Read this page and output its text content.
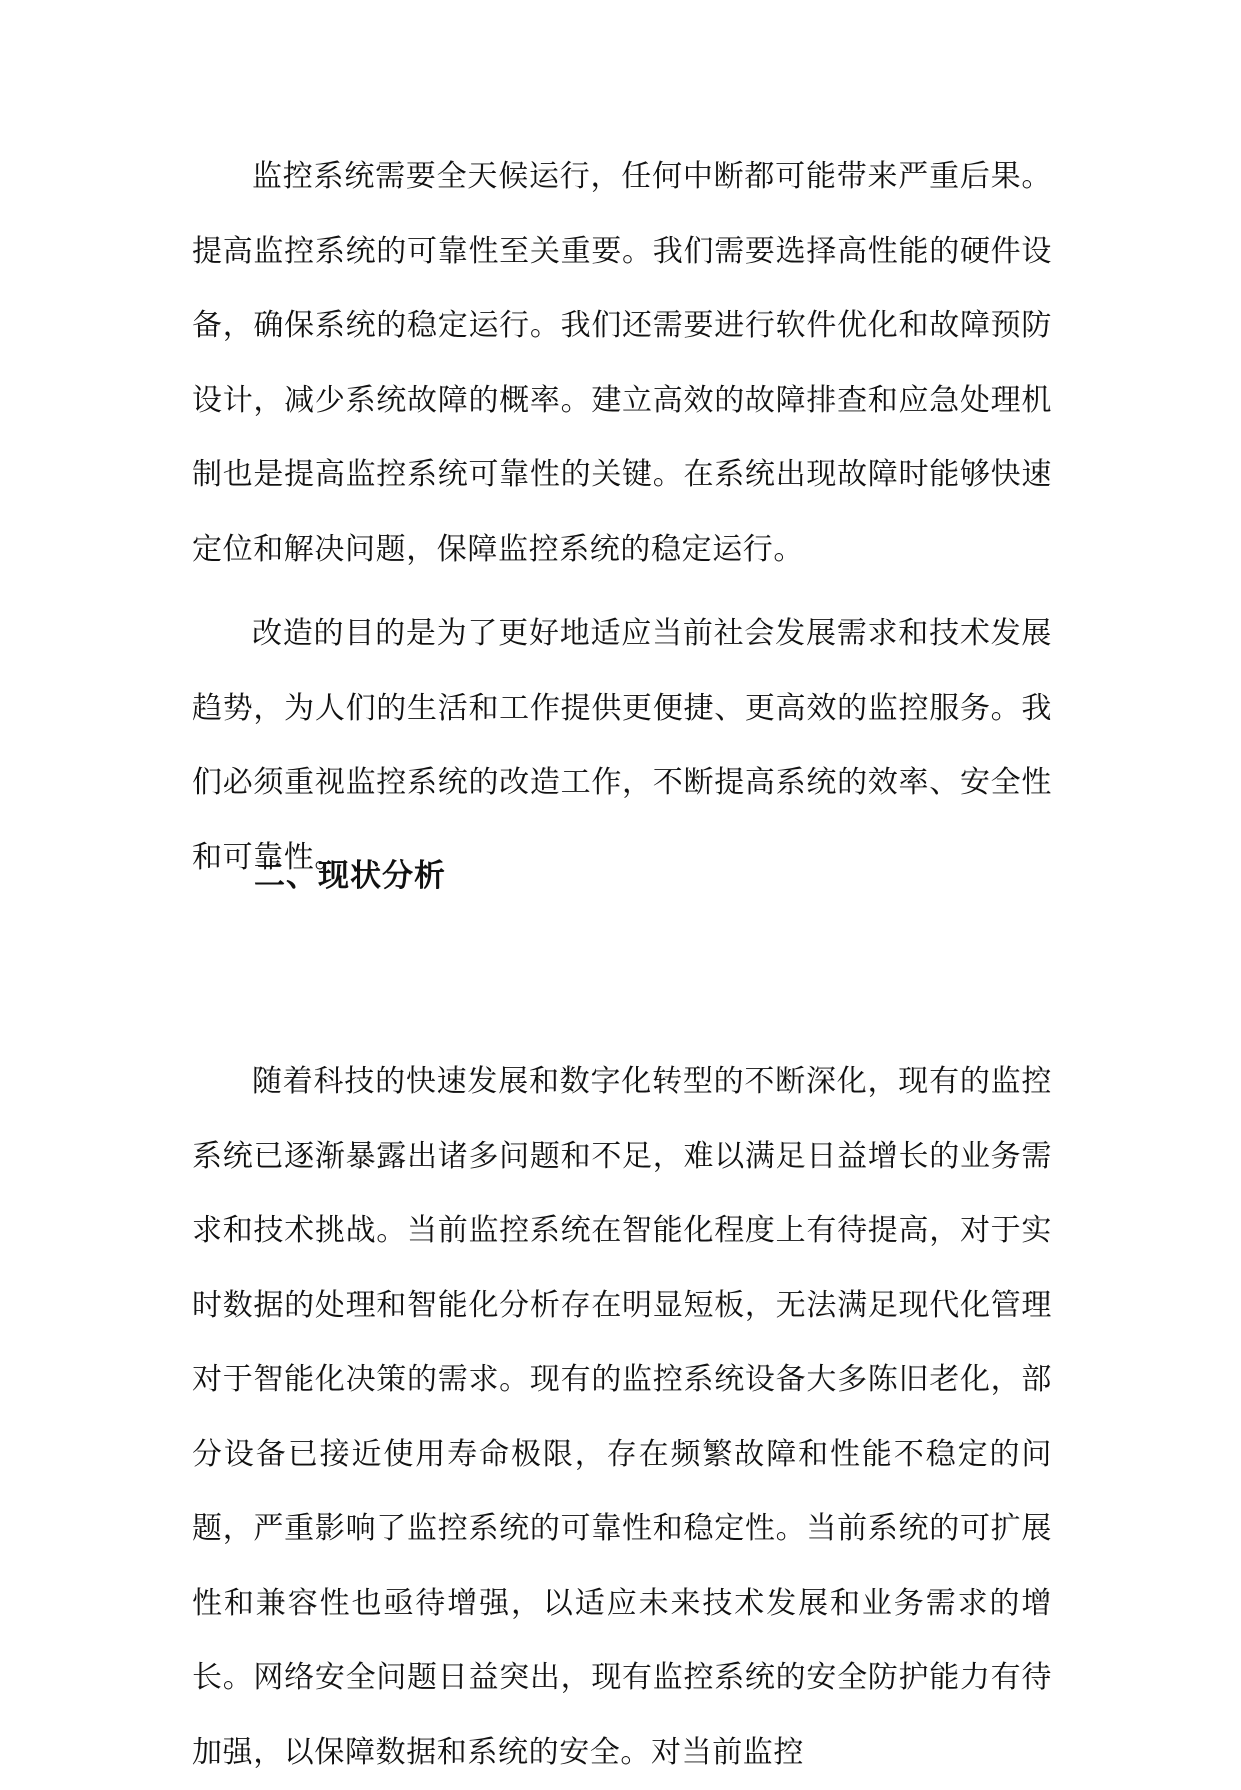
监控系统需要全天候运行，任何中断都可能带来严重后果。提高监控系统的可靠性至关重要。我们需要选择高性能的硬件设备，确保系统的稳定运行。我们还需要进行软件优化和故障预防设计，减少系统故障的概率。建立高效的故障排查和应急处理机制也是提高监控系统可靠性的关键。在系统出现故障时能够快速定位和解决问题，保障监控系统的稳定运行。

改造的目的是为了更好地适应当前社会发展需求和技术发展趋势，为人们的生活和工作提供更便捷、更高效的监控服务。我们必须重视监控系统的改造工作，不断提高系统的效率、安全性和可靠性。

二、现状分析

随着科技的快速发展和数字化转型的不断深化，现有的监控系统已逐渐暴露出诸多问题和不足，难以满足日益增长的业务需求和技术挑战。当前监控系统在智能化程度上有待提高，对于实时数据的处理和智能化分析存在明显短板，无法满足现代化管理对于智能化决策的需求。现有的监控系统设备大多陈旧老化，部分设备已接近使用寿命极限，存在频繁故障和性能不稳定的问题，严重影响了监控系统的可靠性和稳定性。当前系统的可扩展性和兼容性也亟待增强，以适应未来技术发展和业务需求的增长。网络安全问题日益突出，现有监控系统的安全防护能力有待加强，以保障数据和系统的安全。对当前监控
